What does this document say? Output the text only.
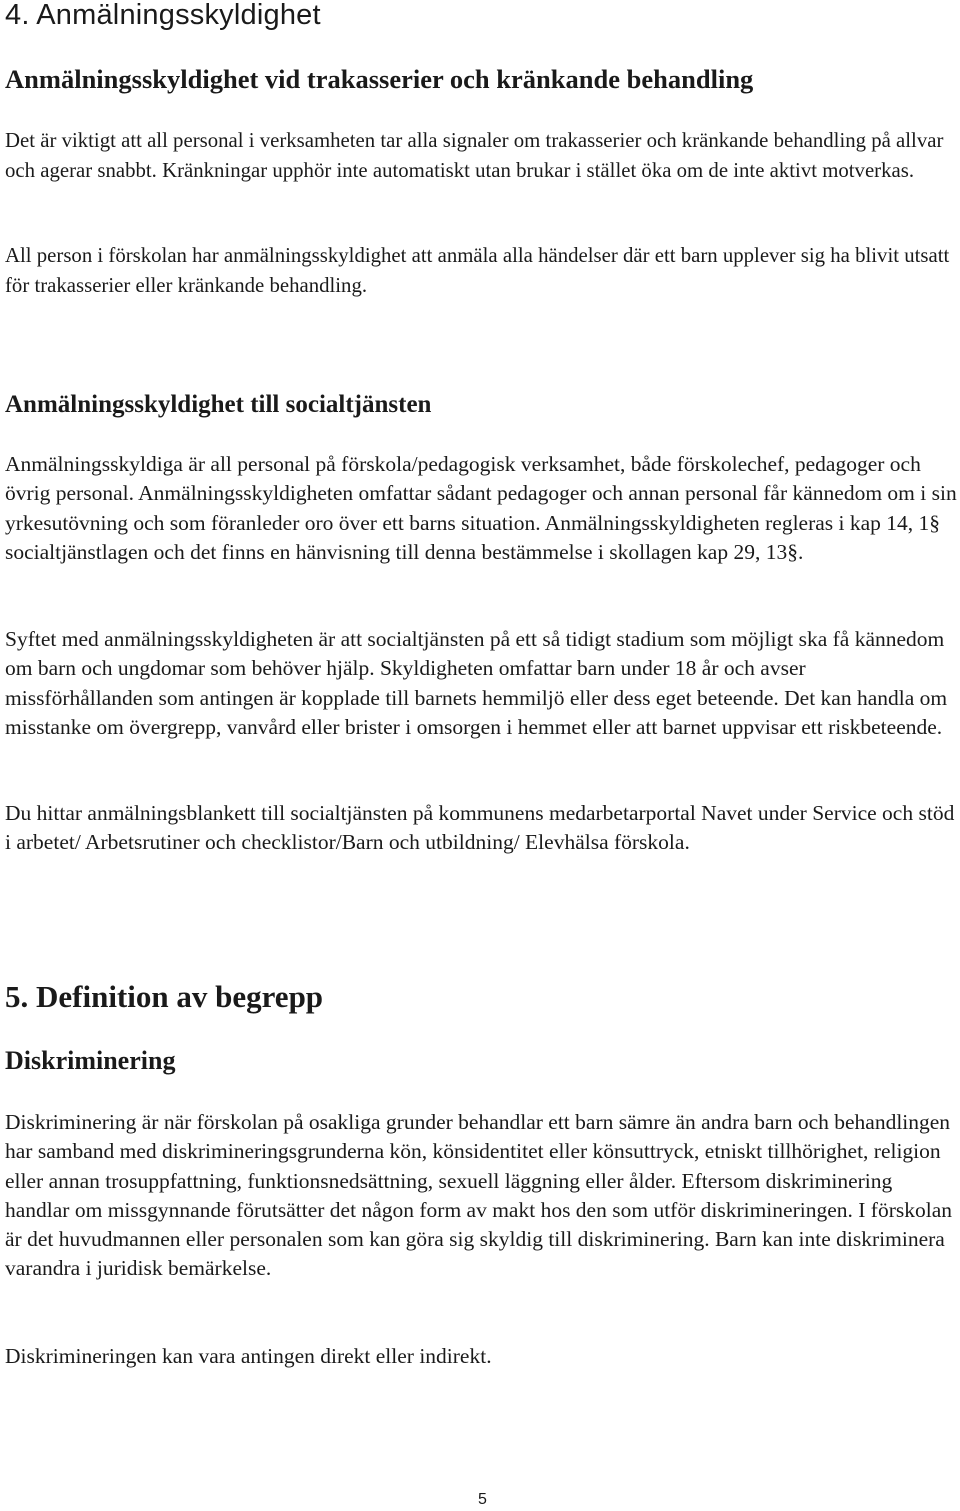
4. Anmälningsskyldighet
Anmälningsskyldighet vid trakasserier och kränkande behandling

Det är viktigt att all personal i verksamheten tar alla signaler om trakasserier och kränkande behandling på allvar och agerar snabbt. Kränkningar upphör inte automatiskt utan brukar i stället öka om de inte aktivt motverkas.

All person i förskolan har anmälningsskyldighet att anmäla alla händelser där ett barn upplever sig ha blivit utsatt för trakasserier eller kränkande behandling.

Anmälningsskyldighet till socialtjänsten

Anmälningsskyldiga är all personal på förskola/pedagogisk verksamhet, både förskolechef, pedagoger och övrig personal. Anmälningsskyldigheten omfattar sådant pedagoger och annan personal får kännedom om i sin yrkesutövning och som föranleder oro över ett barns situation. Anmälningsskyldigheten regleras i kap 14, 1§ socialtjänstlagen och det finns en hänvisning till denna bestämmelse i skollagen kap 29, 13§.

Syftet med anmälningsskyldigheten är att socialtjänsten på ett så tidigt stadium som möjligt ska få kännedom om barn och ungdomar som behöver hjälp. Skyldigheten omfattar barn under 18 år och avser missförhållanden som antingen är kopplade till barnets hemmiljö eller dess eget beteende. Det kan handla om misstanke om övergrepp, vanvård eller brister i omsorgen i hemmet eller att barnet uppvisar ett riskbeteende.

Du hittar anmälningsblankett till socialtjänsten på kommunens medarbetarportal Navet under Service och stöd i arbetet/ Arbetsrutiner och checklistor/Barn och utbildning/ Elevhälsa förskola.

5. Definition av begrepp
Diskriminering

Diskriminering är när förskolan på osakliga grunder behandlar ett barn sämre än andra barn och behandlingen har samband med diskrimineringsgrunderna kön, könsidentitet eller könsuttryck, etniskt tillhörighet, religion eller annan trosuppfattning, funktionsnedsättning, sexuell läggning eller ålder. Eftersom diskriminering handlar om missgynnande förutsätter det någon form av makt hos den som utför diskrimineringen. I förskolan är det huvudmannen eller personalen som kan göra sig skyldig till diskriminering. Barn kan inte diskriminera varandra i juridisk bemärkelse.

Diskrimineringen kan vara antingen direkt eller indirekt.

5
